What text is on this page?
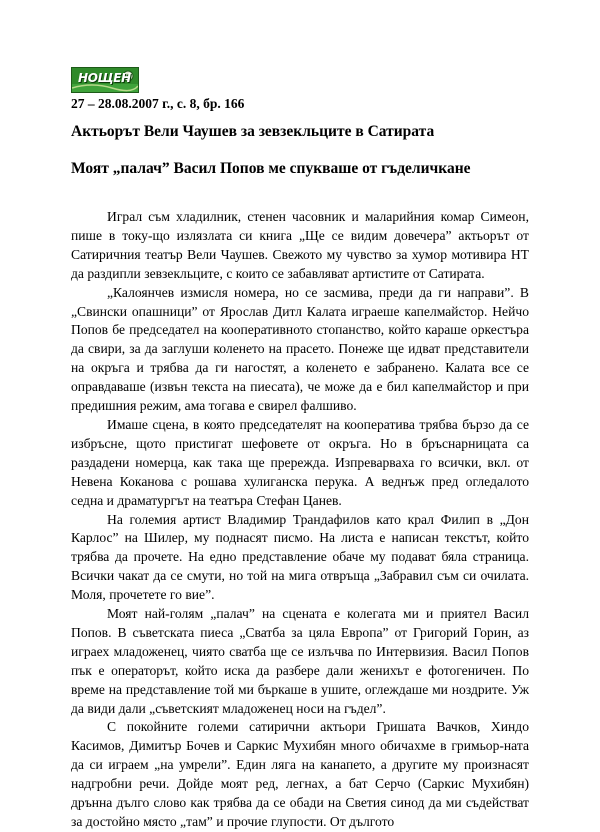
НОЩЕН
27 – 28.08.2007 г., с. 8, бр. 166
Актьорът Вели Чаушев за зевзекльците в Сатирата
Моят „палач” Васил Попов ме спукваше от гъделичкане

Играл съм хладилник, стенен часовник и маларийния комар Симеон, пише в току-що излязлата си книга „Ще се видим довечера” актьорът от Сатиричния театър Вели Чаушев. Свежото му чувство за хумор мотивира НТ да раздипли зевзекльците, с които се забавляват артистите от Сатирата.

„Калоянчев измисля номера, но се засмива, преди да ги направи”. В „Свински опашници” от Ярослав Дитл Калата играеше капелмайстор. Нейчо Попов бе председател на кооперативното стопанство, който караше оркестъра да свири, за да заглуши коленето на прасето. Понеже ще идват представители на окръга и трябва да ги нагостят, а коленето е забранено. Калата все се оправдаваше (извън текста на пиесата), че може да е бил капелмайстор и при предишния режим, ама тогава е свирел фалшиво.

Имаше сцена, в която председателят на кооператива трябва бързо да се избръсне, щото пристигат шефовете от окръга. Но в бръснарницата са раздадени номерца, как така ще прережда. Изпреварваха го всички, вкл. от Невена Коканова с рошава хулиганска перука. А веднъж пред огледалото седна и драматургът на театъра Стефан Цанев.

На големия артист Владимир Трандафилов като крал Филип в „Дон Карлос” на Шилер, му поднасят писмо. На листа е написан текстът, който трябва да прочете. На едно представление обаче му подават бяла страница. Всички чакат да се смути, но той на мига отвръща „Забравил съм си очилата. Моля, прочетете го вие”.

Моят най-голям „палач” на сцената е колегата ми и приятел Васил Попов. В съветската пиеса „Сватба за цяла Европа” от Григорий Горин, аз играех младоженец, чиято сватба ще се излъчва по Интервизия. Васил Попов пък е операторът, който иска да разбере дали женихът е фотогеничен. По време на представление той ми бъркаше в ушите, оглеждаше ми ноздрите. Уж да види дали „съветският младоженец носи на гъдел”.

С покойните големи сатирични актьори Гришата Вачков, Хиндо Касимов, Димитър Бочев и Саркис Мухибян много обичахме в гримьор-ната да си играем „на умрели”. Един ляга на канапето, а другите му произнасят надгробни речи. Дойде моят ред, легнах, а бат Серчо (Саркис Мухибян) дрънна дълго слово как трябва да се обади на Светия синод да ми съдействат за достойно място „там” и прочие глупости. От дългото
